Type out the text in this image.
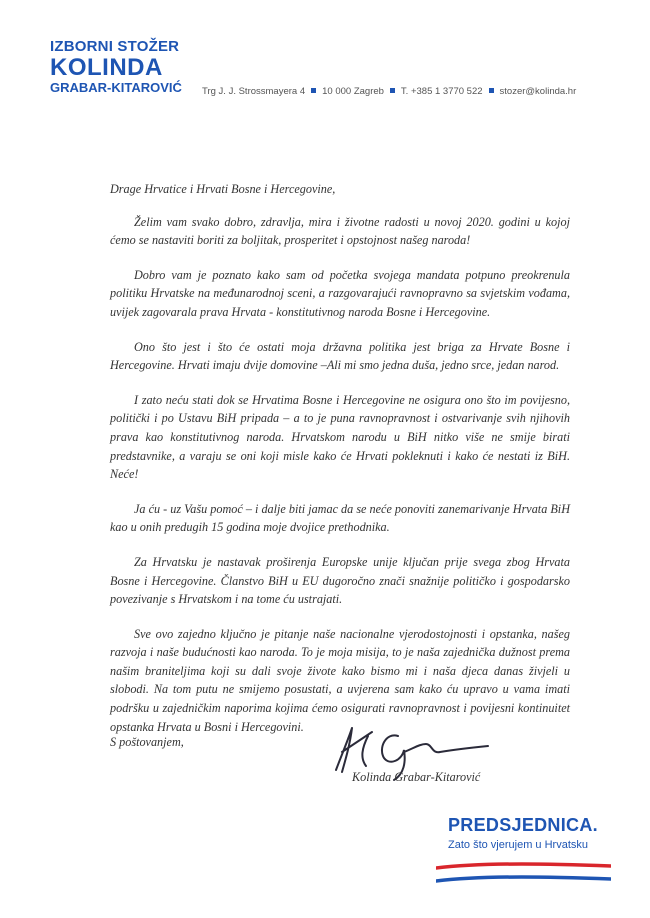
IZBORNI STOŽER
KOLINDA
GRABAR-KITAROVIĆ Trg J. J. Strossmayera 4 10 000 Zagreb T. +385 1 3770 522 stozer@kolinda.hr

Drage Hrvatice i Hrvati Bosne i Hercegovine,

Želim vam svako dobro, zdravlja, mira i životne radosti u novoj 2020. godini u kojoj ćemo se nastaviti boriti za boljitak, prosperitet i opstojnost našeg naroda!

Dobro vam je poznato kako sam od početka svojega mandata potpuno preokrenula politiku Hrvatske na međunarodnoj sceni, a razgovarajući ravnopravno sa svjetskim vođama, uvijek zagovarala prava Hrvata - konstitutivnog naroda Bosne i Hercegovine.

Ono što jest i što će ostati moja državna politika jest briga za Hrvate Bosne i Hercegovine. Hrvati imaju dvije domovine –Ali mi smo jedna duša, jedno srce, jedan narod.

I zato neću stati dok se Hrvatima Bosne i Hercegovine ne osigura ono što im povijesno, politički i po Ustavu BiH pripada – a to je puna ravnopravnost i ostvarivanje svih njihovih prava kao konstitutivnog naroda. Hrvatskom narodu u BiH nitko više ne smije birati predstavnike, a varaju se oni koji misle kako će Hrvati pokleknuti i kako će nestati iz BiH. Neće!

Ja ću - uz Vašu pomoć – i dalje biti jamac da se neće ponoviti zanemarivanje Hrvata BiH kao u onih predugih 15 godina moje dvojice prethodnika.

Za Hrvatsku je nastavak proširenja Europske unije ključan prije svega zbog Hrvata Bosne i Hercegovine. Članstvo BiH u EU dugoročno znači snažnije političko i gospodarsko povezivanje s Hrvatskom i na tome ću ustrajati.

Sve ovo zajedno ključno je pitanje naše nacionalne vjerodostojnosti i opstanka, našeg razvoja i naše budućnosti kao naroda. To je moja misija, to je naša zajednička dužnost prema našim braniteljima koji su dali svoje živote kako bismo mi i naša djeca danas živjeli u slobodi. Na tom putu ne smijemo posustati, a uvjerena sam kako ću upravo u vama imati podršku u zajedničkim naporima kojima ćemo osigurati ravnopravnost i povijesni kontinuitet opstanka Hrvata u Bosni i Hercegovini.

S poštovanjem,
Kolinda Grabar-Kitarović
PREDSJEDNICA.
Zato što vjerujem u Hrvatsku
